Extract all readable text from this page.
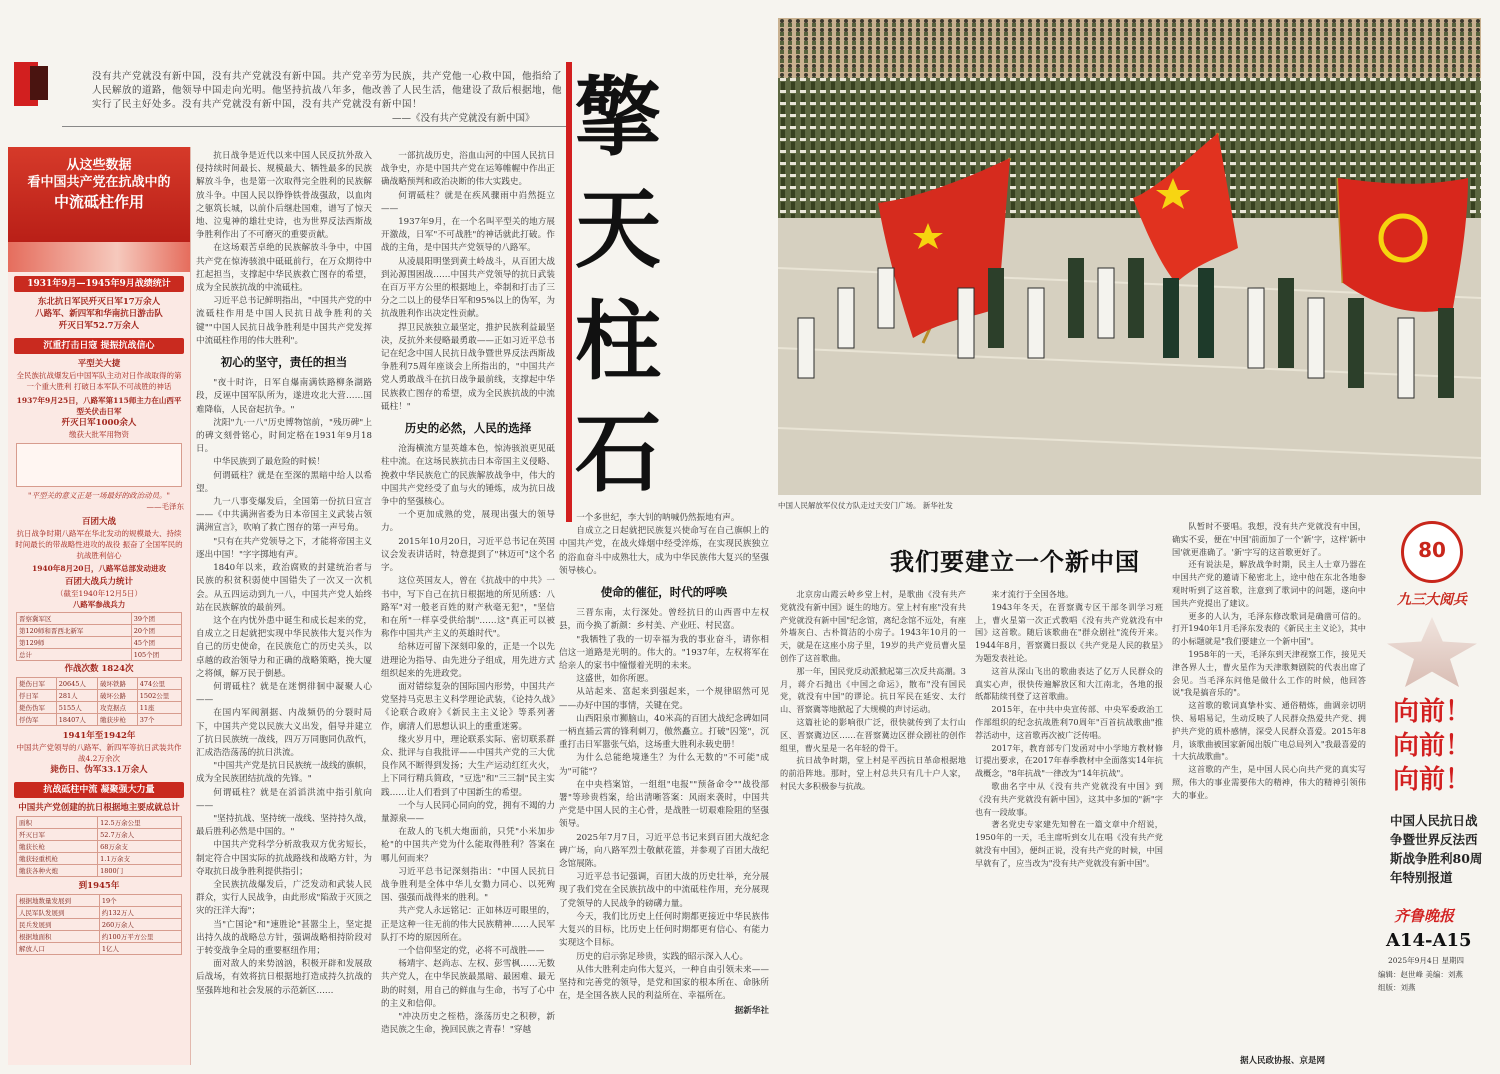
没有共产党就没有新中国，没有共产党就没有新中国。共产党辛劳为民族，共产党他一心救中国，他指给了人民解放的道路，他领导中国走向光明。他坚持抗战八年多，他改善了人民生活，他建设了敌后根据地，他实行了民主好处多。没有共产党就没有新中国，没有共产党就没有新中国！
——《没有共产党就没有新中国》
从这些数据
看中国共产党在抗战中的
中流砥柱作用
1931年9月—1945年9月战绩统计
东北抗日军民歼灭日军17万余人
八路军、新四军和华南抗日游击队
歼灭日军52.7万余人
沉重打击日寇 提振抗战信心
平型关大捷
全民族抗战爆发后中国军队主动对日作战取得的第一个重大胜利 打破日本军队不可战胜的神话
1937年9月25日，八路军第115师主力在山西平型关伏击日军
歼灭日军1000余人
缴获大批军用物资
"平型关的意义正是一场最好的政治动员。"
——毛泽东
百团大战
抗日战争时期八路军在华北发动的规模最大、持续时间最长的带战略性进攻的战役 振奋了全国军民的抗战胜利信心
1940年8月20日，八路军总部发动进攻
百团大战兵力统计
（截至1940年12月5日）
八路军参战兵力
晋察冀军区	39个团
第120师和晋西北新军	20个团
第129师	45个团
总计	105个团
作战次数 1824次
毙伤日军	20645人	破坏铁路	474公里
俘日军	281人	破坏公路	1502公里
毙伤伪军	5155人	攻克据点	11座
俘伪军	18407人	缴获步枪	37个
1941年至1942年
中国共产党领导的八路军、新四军等抗日武装共作战4.2万余次
毙伤日、伪军33.1万余人
抗战砥柱中流 凝聚强大力量
中国共产党创建的抗日根据地主要成就总计
面积	12.5万余公里
歼灭日军	52.7万余人
缴获长枪	68万余支
缴获轻重机枪	1.1万余支
缴获各种火炮	1800门
到1945年
根据地数量发展到	19个
人民军队发展到	约132万人
民兵发展到	260万余人
根据地面积	约100万平方公里
解放人口	1亿人

抗日战争是近代以来中国人民反抗外敌入侵持续时间最长、规模最大、牺牲最多的民族解放斗争，也是第一次取得完全胜利的民族解放斗争。中国人民以铮铮铁骨战强敌，以血肉之躯筑长城，以前仆后继赴国难，谱写了惊天地、泣鬼神的雄壮史诗，也为世界反法西斯战争胜利作出了不可磨灭的重要贡献。

在这场艰苦卓绝的民族解放斗争中，中国共产党在惊涛骇浪中砥砥前行，在万众期待中扛起担当，支撑起中华民族救亡图存的希望，成为全民族抗战的中流砥柱。

习近平总书记鲜明指出，"中国共产党的中流砥柱作用是中国人民抗日战争胜利的关键""中国人民抗日战争胜利是中国共产党发挥中流砥柱作用的伟大胜利"。

初心的坚守，责任的担当

"夜十时许，日军自爆南满铁路柳条湖路段，反诬中国军队所为，遂进攻北大营……国难降临，人民奋起抗争。"

沈阳"九·一八"历史博物馆前，"残历碑"上的碑文刻骨铭心，时间定格在1931年9月18日。

中华民族到了最危险的时候！

何谓砥柱？就是在至深的黑暗中给人以希望。

九一八事变爆发后，全国第一份抗日宣言——《中共满洲省委为日本帝国主义武装占领满洲宣言》，吹响了救亡图存的第一声号角。

"只有在共产党领导之下，才能将帝国主义逐出中国！"字字掷地有声。

1840年以来，政治腐败的封建统治者与民族的积贫积弱使中国错失了一次又一次机会。从五四运动到九一八，中国共产党人始终站在民族解放的最前列。

这个在内忧外患中诞生和成长起来的党，自成立之日起就把实现中华民族伟大复兴作为自己的历史使命，在民族危亡的历史关头，以卓越的政治领导力和正确的战略策略，挽大厦之将倾，解万民于倒悬。

何谓砥柱？就是在迷惘徘徊中凝聚人心——

在国内军阀割据、内战频仍的分裂时局下，中国共产党以民族大义出发，倡导并建立了抗日民族统一战线，四万万同胞同仇敌忾，汇成浩浩荡荡的抗日洪流。

"中国共产党是抗日民族统一战线的旗帜，成为全民族团结抗战的先锋。"

何谓砥柱？就是在滔滔洪流中指引航向——

"坚持抗战、坚持统一战线、坚持持久战，最后胜利必然是中国的。"

中国共产党科学分析敌我双方优劣短长，制定符合中国实际的抗战路线和战略方针，为夺取抗日战争胜利提供指引；

全民族抗战爆发后，广泛发动和武装人民群众，实行人民战争，由此形成"陷敌于灭顶之灾的汪洋大海"；

当"亡国论"和"速胜论"甚嚣尘上，坚定提出持久战的战略总方针，强调战略相持阶段对于转变战争全局的重要枢纽作用；

面对敌人的来势汹汹，积极开辟和发展敌后战场，有效将抗日根据地打造成持久抗战的坚强阵地和社会发展的示范新区……

一部抗战历史，浴血山河的中国人民抗日战争史，亦是中国共产党在运筹帷幄中作出正确战略预判和政治决断的伟大实践史。

何谓砥柱？就是在疾风骤雨中岿然挺立——

1937年9月，在一个名叫平型关的地方展开激战，日军"不可战胜"的神话就此打破。作战的主角，是中国共产党领导的八路军。

从凌晨阳明堡到黄土岭战斗，从百团大战到沁源围困战……中国共产党领导的抗日武装在百万平方公里的根据地上，牵制和打击了三分之二以上的侵华日军和95%以上的伪军，为抗战胜利作出决定性贡献。

捍卫民族独立最坚定，推护民族利益最坚决，反抗外来侵略最勇敢——正如习近平总书记在纪念中国人民抗日战争暨世界反法西斯战争胜利75周年座谈会上所指出的，"中国共产党人勇敢战斗在抗日战争最前线，支撑起中华民族救亡图存的希望，成为全民族抗战的中流砥柱！"

历史的必然，人民的选择

沧海横流方显英雄本色，惊涛骇浪更见砥柱中流。在这场民族抗击日本帝国主义侵略、挽救中华民族危亡的民族解放战争中，伟大的中国共产党经受了血与火的锤炼，成为抗日战争中的坚强核心。

一个更加成熟的党，展现出强大的领导力。

2015年10月20日，习近平总书记在英国议会发表讲话时，特意提到了"林迈可"这个名字。

这位英国友人，曾在《抗战中的中共》一书中，写下自己在抗日根据地的所见所感：八路军"对一般老百姓的财产秋毫无犯"，"坚信和在所"一样享受供给制"……这"真正可以被称作中国共产主义的英雄时代"。

给林迈可留下深刻印象的，正是一个以先进理论为指导、由先进分子组成，用先进方式组织起来的先进政党。

面对错综复杂的国际国内形势，中国共产党坚持马克思主义科学理论武装，《论持久战》《论联合政府》《新民主主义论》等系列著作，廓清人们思想认识上的重重迷雾。

缘火岁月中，理论联系实际、密切联系群众、批评与自我批评——中国共产党的三大优良作风不断得到发扬；大生产运动红红火火，上下同行精兵简政，"豆选"和"三三制"民主实践……让人们看到了中国新生的希望。

一个与人民同心同向的党，拥有不竭的力量源泉——

在敌人的飞机大炮面前，只凭"小米加步枪"的中国共产党为什么能取得胜利？答案在哪儿何而来？

习近平总书记深刻指出："中国人民抗日战争胜利是全体中华儿女勠力同心、以死殉国、强强而战得来的胜利。"

共产党人永远铭记：正如林迈可眼里的，正是这种一往无前的伟大民族精神……人民军队打不垮的原因所在。

一个信仰坚定的党，必将不可战胜——

杨靖宇、赵尚志、左权、彭雪枫……无数共产党人，在中华民族最黑暗、最困难、最无助的时刻，用自己的鲜血与生命，书写了心中的主义和信仰。

"冲决历史之桎梏，涤荡历史之积秽，新造民族之生命，挽回民族之青春！"穿越

擎
天
柱
石

一个多世纪，李大钊的呐喊仍然振地有声。

自成立之日起就把民族复兴使命写在自己旗帜上的中国共产党，在战火烽烟中经受淬炼，在实现民族独立的浴血奋斗中成熟壮大，成为中华民族伟大复兴的坚强领导核心。

使命的催征，时代的呼唤

三晋东南，太行深处。曾经抗日的山西晋中左权县，而今换了新颜：乡村美、产业旺、村民富。

"我牺牲了我的一切幸福为我的事业奋斗，请你相信这一道路是光明的。伟大的。"1937年，左权将军在给亲人的家书中憧憬着光明的未来。

这盛世，如你所愿。

从站起来、富起来到强起来，一个规律昭然可见——办好中国的事情，关键在党。

山西阳泉市狮脑山，40米高的百团大战纪念碑如同一柄直插云霄的锋利刺刀，傲然矗立。打破"囚笼"，沉重打击日军嚣张气焰，这场重大胜利永载史册！

为什么总能绝境逢生？为什么无数的"不可能"成为"可能"？

在中央档案馆，一组组"电报""预备命令""战役部署"等珍贵档案，给出清晰答案：风雨来袭时，中国共产党是中国人民的主心骨，是战胜一切艰难险阻的坚强领导。

2025年7月7日，习近平总书记来到百团大战纪念碑广场，向八路军烈士敬献花篮，并参观了百团大战纪念馆展陈。

习近平总书记强调，百团大战的历史壮举，充分展现了我们党在全民族抗战中的中流砥柱作用，充分展现了党领导的人民战争的磅礴力量。

今天，我们比历史上任何时期都更接近中华民族伟大复兴的目标，比历史上任何时期都更有信心、有能力实现这个目标。

历史的启示弥足珍贵，实践的昭示深入人心。

从伟大胜利走向伟大复兴，一种自由引领未来——坚持和完善党的领导，是党和国家的根本所在、命脉所在，是全国各族人民的利益所在、幸福所在。

据新华社
中国人民解放军仪仗方队走过天安门广场。 新华社发
我们要建立一个新中国

北京房山霞云岭乡堂上村，是歌曲《没有共产党就没有新中国》诞生的地方。堂上村有座"没有共产党就没有新中国"纪念馆，离纪念馆不远处，有座外墙灰白、古朴简洁的小房子。1943年10月的一天，就是在这座小房子里，19岁的共产党员曹火星创作了这首歌曲。

那一年，国民党反动派掀起第三次反共高潮。3月，蒋介石抛出《中国之命运》，散布"没有国民党，就没有中国"的谬论。抗日军民在延安、太行山、晋察冀等地掀起了大规模的声讨运动。

这篇社论的影响很广泛，很快就传到了太行山区、晋察冀边区……在晋察冀边区群众剧社的创作组里，曹火星是一名年轻的骨干。

抗日战争时期，堂上村是平西抗日革命根据地的前沿阵地。那时，堂上村总共只有几十户人家，村民大多积极参与抗战。

来才流行于全国各地。

1943年冬天，在晋察冀专区干部冬训学习班上，曹火星第一次正式教唱《没有共产党就没有中国》这首歌。随后该歌曲在"群众剧社"流传开来。1944年8月，晋察冀日报以《共产党是人民的救星》为题发表社论。

这首从深山飞出的歌曲表达了亿万人民群众的真实心声，很快传遍解放区和大江南北，各地的报纸都陆续刊登了这首歌曲。

2015年，在中共中央宣传部、中央军委政治工作部组织的纪念抗战胜利70周年"百首抗战歌曲"推荐活动中，这首歌再次被广泛传唱。

2017年，教育部专门发函对中小学地方教材修订提出要求，在2017年春季教材中全面落实14年抗战概念，"8年抗战"一律改为"14年抗战"。

歌曲名字中从《没有共产党就没有中国》到《没有共产党就没有新中国》，这其中多加的"新"字也有一段故事。

著名党史专家建先知曾在一篇文章中介绍说，1950年的一天，毛主席听到女儿在唱《没有共产党就没有中国》，便纠正说，没有共产党的时候，中国早就有了，应当改为"没有共产党就没有新中国"。

队暂时不要唱。我想，没有共产党就没有中国，确实不妥，便在'中国'前面加了一个'新'字，这样'新中国'就更准确了。'新'字写的这首歌更好了。

还有说法是，解放战争时期，民主人士章乃器在中国共产党的邀请下秘密北上，途中他在东北各地参观时听到了这首歌，注意到了歌词中的问题，遂向中国共产党提出了建议。

更多的人认为，毛泽东修改歌词是确凿可信的。打开1940年1月毛泽东发表的《新民主主义论》，其中的小标题就是"我们要建立一个新中国"。

1958年的一天，毛泽东到天津视察工作，接见天津各界人士，曹火星作为天津歌舞剧院的代表出席了会见。当毛泽东问他是做什么工作的时候，他回答说"我是搞音乐的"。

这首歌的歌词真挚朴实、通俗精炼，曲调亲切明快、易唱易记，生动反映了人民群众热爱共产党、拥护共产党的质朴感情，深受人民群众喜爱。2015年8月，该歌曲被国家新闻出版广电总局列入"我最喜爱的十大抗战歌曲"。

这首歌的产生，是中国人民心向共产党的真实写照，伟大的事业需要伟大的精神，伟大的精神引领伟大的事业。

据人民政协报、京是网
80
九三大阅兵
向前！
向前！
向前！
中国人民抗日战争暨世界反法西斯战争胜利80周年特别报道
齐鲁晚报
A14-A15
2025年9月4日 星期四
编辑：赵世峰 美编：刘燕
组版：刘燕
